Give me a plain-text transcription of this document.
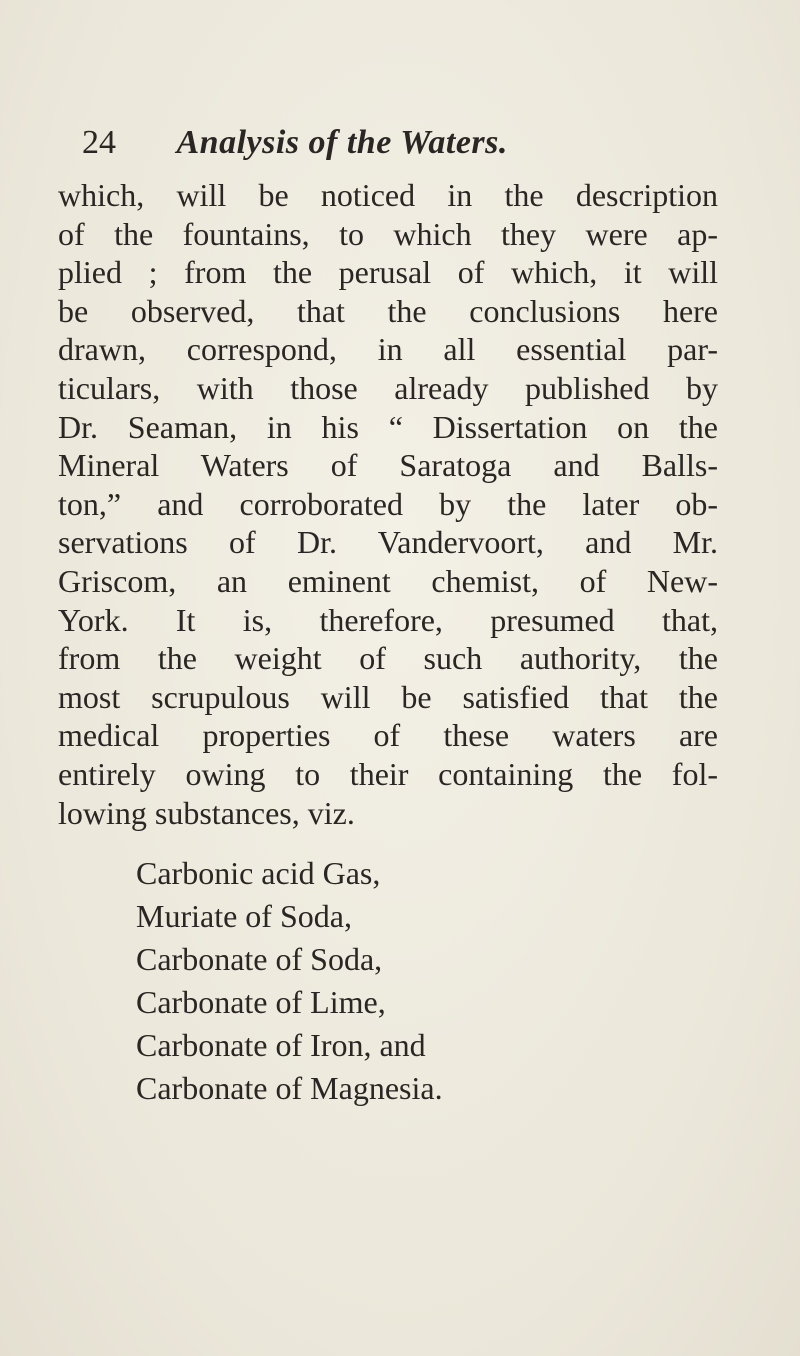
24 Analysis of the Waters.
which, will be noticed in the description
of the fountains, to which they were ap-
plied ; from the perusal of which, it will
be observed, that the conclusions here
drawn, correspond, in all essential par-
ticulars, with those already published by
Dr. Seaman, in his “ Dissertation on the
Mineral Waters of Saratoga and Balls-
ton,” and corroborated by the later ob-
servations of Dr. Vandervoort, and Mr.
Griscom, an eminent chemist, of New-
York. It is, therefore, presumed that,
from the weight of such authority, the
most scrupulous will be satisfied that the
medical properties of these waters are
entirely owing to their containing the fol-
lowing substances, viz.
Carbonic acid Gas,
Muriate of Soda,
Carbonate of Soda,
Carbonate of Lime,
Carbonate of Iron, and
Carbonate of Magnesia.
